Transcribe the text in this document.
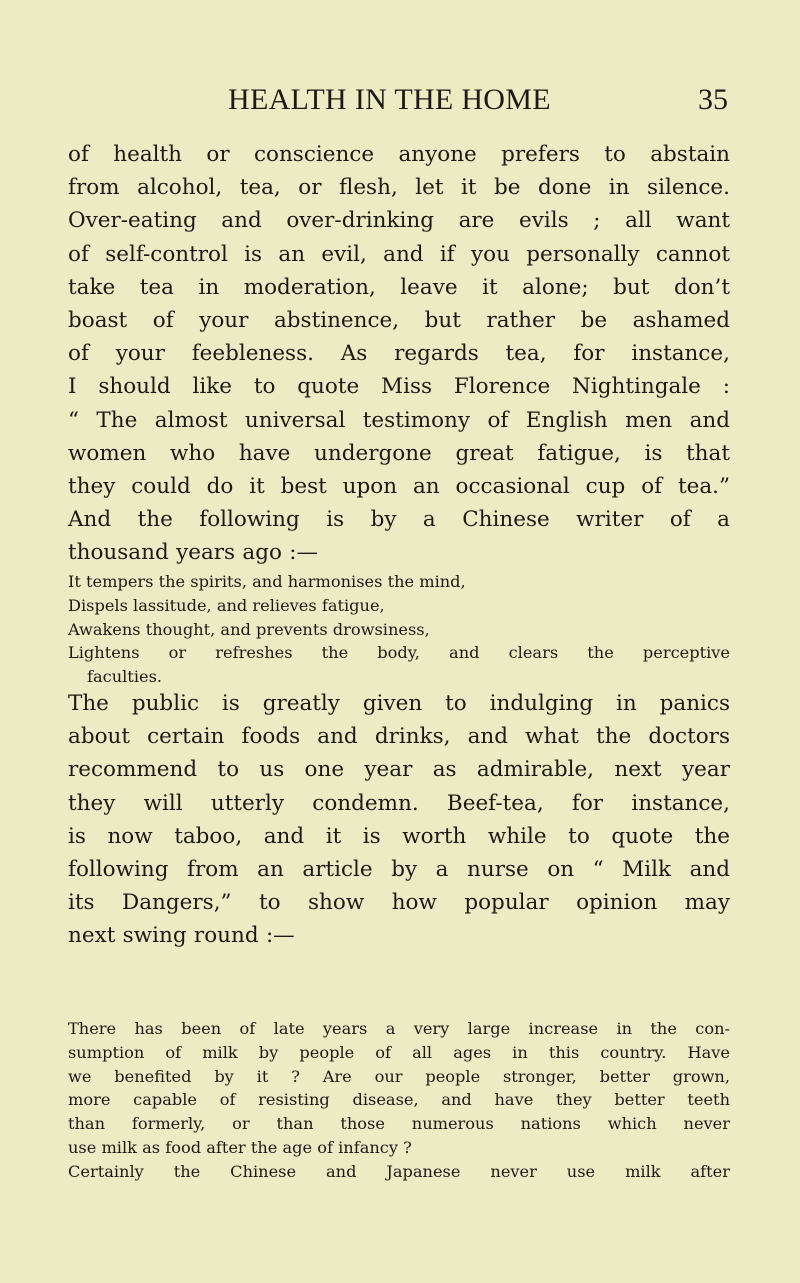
HEALTH IN THE HOME	35

of health or conscience anyone prefers to abstain
from alcohol, tea, or flesh, let it be done in silence.
Over-eating and over-drinking are evils ; all want
of self-control is an evil, and if you personally cannot
take tea in moderation, leave it alone; but don’t
boast of your abstinence, but rather be ashamed
of your feebleness. As regards tea, for instance,
I should like to quote Miss Florence Nightingale :
“ The almost universal testimony of English men and
women who have undergone great fatigue, is that
they could do it best upon an occasional cup of tea.”
And the following is by a Chinese writer of a
thousand years ago :—

It tempers the spirits, and harmonises the mind,
Dispels lassitude, and relieves fatigue,
Awakens thought, and prevents drowsiness,
Lightens or refreshes the body, and clears the perceptive
faculties.

The public is greatly given to indulging in panics
about certain foods and drinks, and what the doctors
recommend to us one year as admirable, next year
they will utterly condemn. Beef-tea, for instance,
is now taboo, and it is worth while to quote the
following from an article by a nurse on “ Milk and
its Dangers,” to show how popular opinion may
next swing round :—

There has been of late years a very large increase in the con-
sumption of milk by people of all ages in this country. Have
we benefited by it ? Are our people stronger, better grown,
more capable of resisting disease, and have they better teeth
than formerly, or than those numerous nations which never
use milk as food after the age of infancy ?
Certainly the Chinese and Japanese never use milk after
